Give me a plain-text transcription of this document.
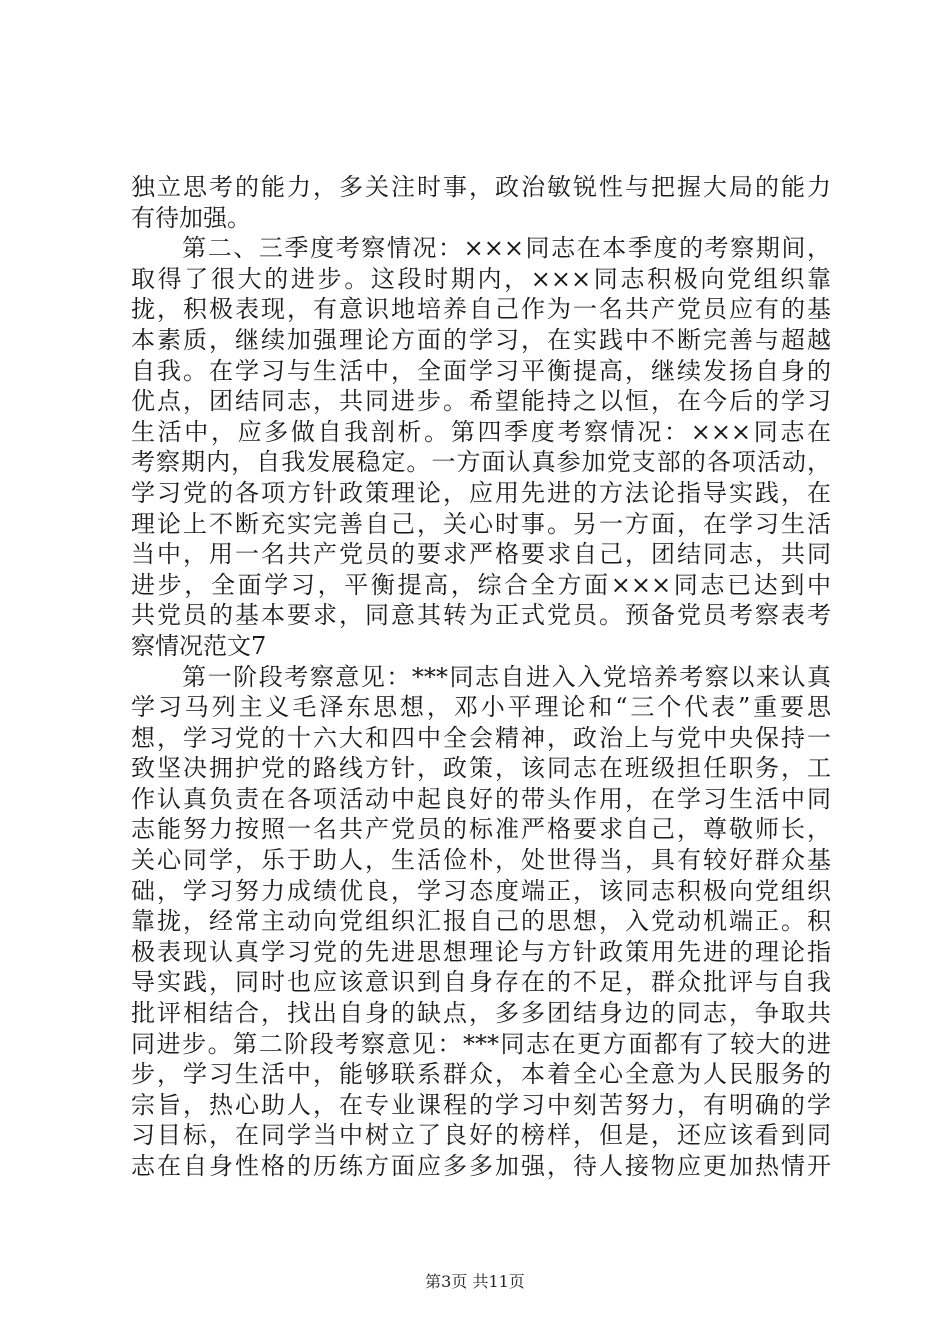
独立思考的能力，多关注时事，政治敏锐性与把握大局的能力
有待加强。
　　第二、三季度考察情况：×××同志在本季度的考察期间，
取得了很大的进步。这段时期内，×××同志积极向党组织靠
拢，积极表现，有意识地培养自己作为一名共产党员应有的基
本素质，继续加强理论方面的学习，在实践中不断完善与超越
自我。在学习与生活中，全面学习平衡提高，继续发扬自身的
优点，团结同志，共同进步。希望能持之以恒，在今后的学习
生活中，应多做自我剖析。第四季度考察情况：×××同志在
考察期内，自我发展稳定。一方面认真参加党支部的各项活动，
学习党的各项方针政策理论，应用先进的方法论指导实践，在
理论上不断充实完善自己，关心时事。另一方面，在学习生活
当中，用一名共产党员的要求严格要求自己，团结同志，共同
进步，全面学习，平衡提高，综合全方面×××同志已达到中
共党员的基本要求，同意其转为正式党员。预备党员考察表考
察情况范文7
　　第一阶段考察意见：***同志自进入入党培养考察以来认真
学习马列主义毛泽东思想，邓小平理论和“三个代表”重要思
想，学习党的十六大和四中全会精神，政治上与党中央保持一
致坚决拥护党的路线方针，政策，该同志在班级担任职务，工
作认真负责在各项活动中起良好的带头作用，在学习生活中同
志能努力按照一名共产党员的标准严格要求自己，尊敬师长，
关心同学，乐于助人，生活俭朴，处世得当，具有较好群众基
础，学习努力成绩优良，学习态度端正，该同志积极向党组织
靠拢，经常主动向党组织汇报自己的思想，入党动机端正。积
极表现认真学习党的先进思想理论与方针政策用先进的理论指
导实践，同时也应该意识到自身存在的不足，群众批评与自我
批评相结合，找出自身的缺点，多多团结身边的同志，争取共
同进步。第二阶段考察意见：***同志在更方面都有了较大的进
步，学习生活中，能够联系群众，本着全心全意为人民服务的
宗旨，热心助人，在专业课程的学习中刻苦努力，有明确的学
习目标，在同学当中树立了良好的榜样，但是，还应该看到同
志在自身性格的历练方面应多多加强，待人接物应更加热情开
第3页 共11页
